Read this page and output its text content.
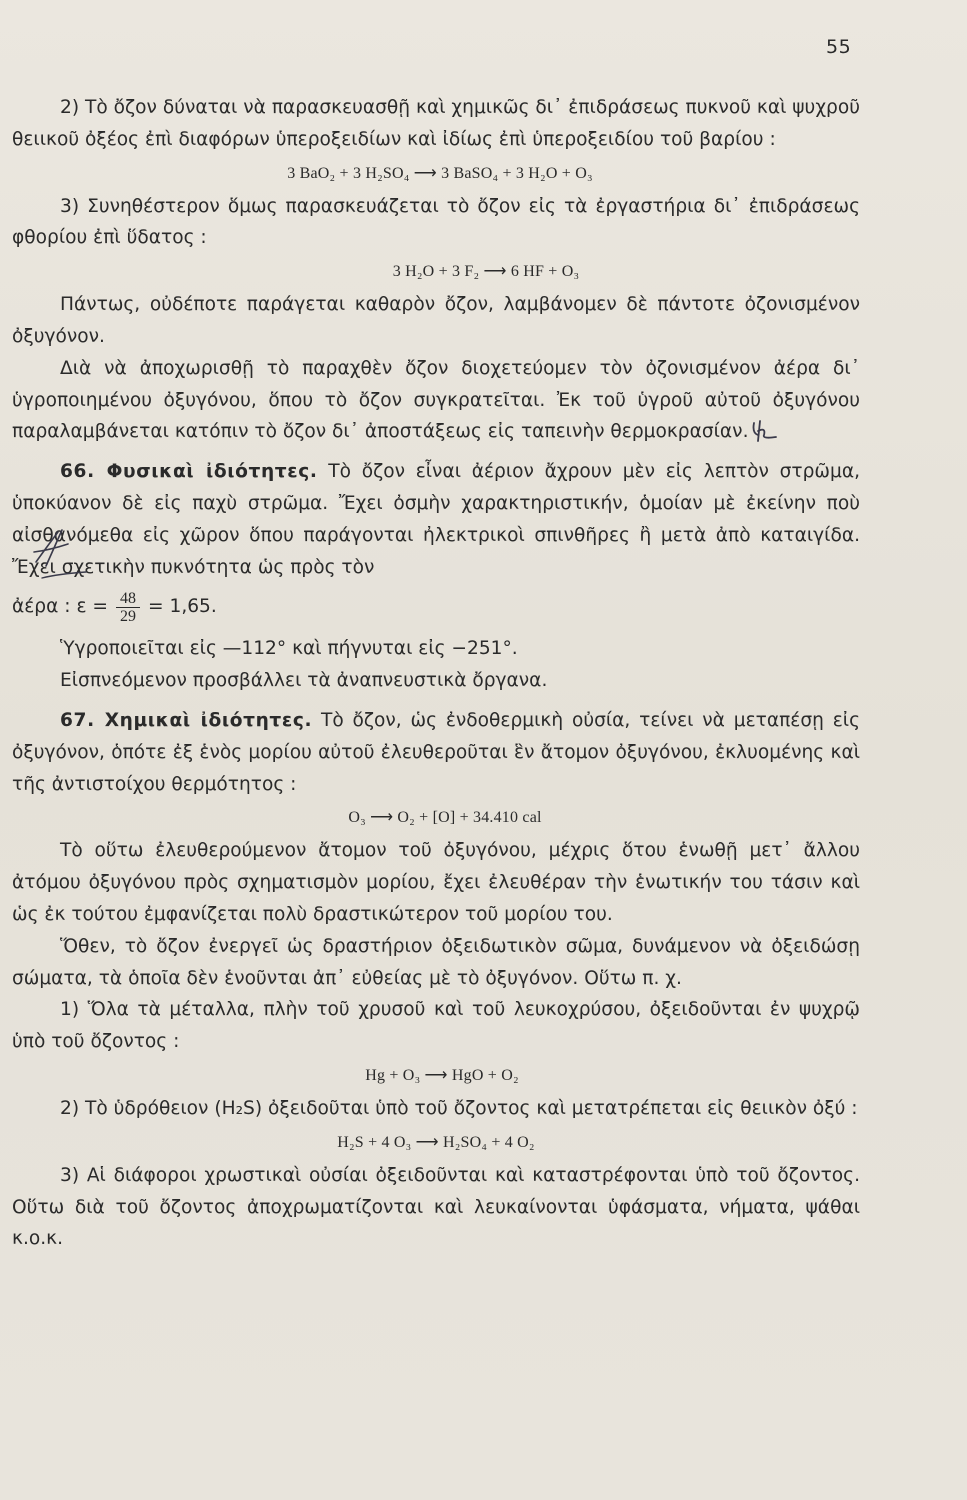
55

2) Τὸ ὄζον δύναται νὰ παρασκευασθῇ καὶ χημικῶς δι᾽ ἐπιδράσεως πυκνοῦ καὶ ψυχροῦ θειικοῦ ὀξέος ἐπὶ διαφόρων ὑπεροξειδίων καὶ ἰδίως ἐπὶ ὑπεροξειδίου τοῦ βαρίου :

3 BaO₂ + 3 H₂SO₄ ⟶ 3 BaSO₄ + 3 H₂O + O₃

3) Συνηθέστερον ὅμως παρασκευάζεται τὸ ὄζον εἰς τὰ ἐργαστήρια δι᾽ ἐπιδράσεως φθορίου ἐπὶ ὕδατος :

3 H₂O + 3 F₂ ⟶ 6 HF + O₃

Πάντως, οὐδέποτε παράγεται καθαρὸν ὄζον, λαμβάνομεν δὲ πάντοτε ὀζονισμένον ὀξυγόνον.

Διὰ νὰ ἀποχωρισθῇ τὸ παραχθὲν ὄζον διοχετεύομεν τὸν ὀζονισμένον ἀέρα δι᾽ ὑγροποιημένου ὀξυγόνου, ὅπου τὸ ὄζον συγκρατεῖται. Ἐκ τοῦ ὑγροῦ αὐτοῦ ὀξυγόνου παραλαμβάνεται κατόπιν τὸ ὄζον δι᾽ ἀποστάξεως εἰς ταπεινὴν θερμοκρασίαν.

66. Φυσικαὶ ἰδιότητες. Τὸ ὄζον εἶναι ἀέριον ἄχρουν μὲν εἰς λεπτὸν στρῶμα, ὑποκύανον δὲ εἰς παχὺ στρῶμα. Ἔχει ὀσμὴν χαρακτηριστικήν, ὁμοίαν μὲ ἐκείνην ποὺ αἰσθανόμεθα εἰς χῶρον ὅπου παράγονται ἠλεκτρικοὶ σπινθῆρες ἢ μετὰ ἀπὸ καταιγίδα. Ἔχει σχετικὴν πυκνότητα ὡς πρὸς τὸν

ἀέρα : $\varepsilon = \frac{48}{29} = 1,65$.

Ὑγροποιεῖται εἰς —112° καὶ πήγνυται εἰς −251°.

Εἰσπνεόμενον προσβάλλει τὰ ἀναπνευστικὰ ὄργανα.

67. Χημικαὶ ἰδιότητες. Τὸ ὄζον, ὡς ἐνδοθερμικὴ οὐσία, τείνει νὰ μεταπέσῃ εἰς ὀξυγόνον, ὁπότε ἐξ ἑνὸς μορίου αὐτοῦ ἐλευθεροῦται ἓν ἄτομον ὀξυγόνου, ἐκλυομένης καὶ τῆς ἀντιστοίχου θερμότητος :

O₃ ⟶ O₂ + [O] + 34.410 cal

Τὸ οὕτω ἐλευθερούμενον ἄτομον τοῦ ὀξυγόνου, μέχρις ὅτου ἑνωθῇ μετ᾽ ἄλλου ἀτόμου ὀξυγόνου πρὸς σχηματισμὸν μορίου, ἔχει ἐλευθέραν τὴν ἑνωτικήν του τάσιν καὶ ὡς ἐκ τούτου ἐμφανίζεται πολὺ δραστικώτερον τοῦ μορίου του.

Ὅθεν, τὸ ὄζον ἐνεργεῖ ὡς δραστήριον ὀξειδωτικὸν σῶμα, δυνάμενον νὰ ὀξειδώσῃ σώματα, τὰ ὁποῖα δὲν ἑνοῦνται ἀπ᾽ εὐθείας μὲ τὸ ὀξυγόνον. Οὕτω π. χ.

1) Ὅλα τὰ μέταλλα, πλὴν τοῦ χρυσοῦ καὶ τοῦ λευκοχρύσου, ὀξειδοῦνται ἐν ψυχρῷ ὑπὸ τοῦ ὄζοντος :

Hg + O₃ ⟶ HgO + O₂

2) Τὸ ὑδρόθειον (H₂S) ὀξειδοῦται ὑπὸ τοῦ ὄζοντος καὶ μετατρέπεται εἰς θειικὸν ὀξύ :

H₂S + 4 O₃ ⟶ H₂SO₄ + 4 O₂

3) Αἱ διάφοροι χρωστικαὶ οὐσίαι ὀξειδοῦνται καὶ καταστρέφονται ὑπὸ τοῦ ὄζοντος. Οὕτω διὰ τοῦ ὄζοντος ἀποχρωματίζονται καὶ λευκαίνονται ὑφάσματα, νήματα, ψάθαι κ.ο.κ.
